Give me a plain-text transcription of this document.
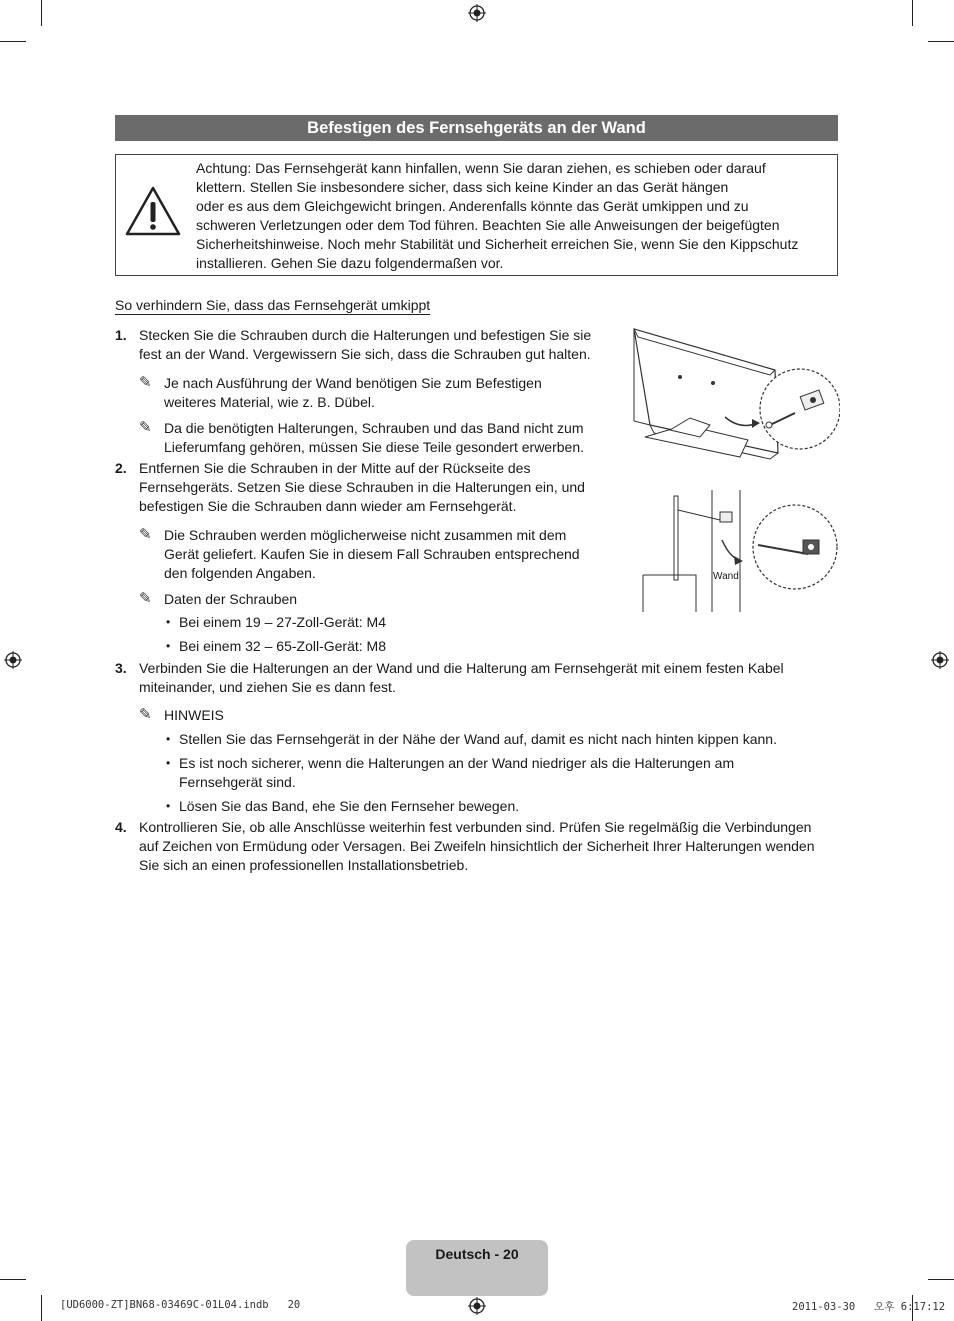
Befestigen des Fernsehgeräts an der Wand
Achtung: Das Fernsehgerät kann hinfallen, wenn Sie daran ziehen, es schieben oder darauf
klettern. Stellen Sie insbesondere sicher, dass sich keine Kinder an das Gerät hängen
oder es aus dem Gleichgewicht bringen. Anderenfalls könnte das Gerät umkippen und zu
schweren Verletzungen oder dem Tod führen. Beachten Sie alle Anweisungen der beigefügten
Sicherheitshinweise. Noch mehr Stabilität und Sicherheit erreichen Sie, wenn Sie den Kippschutz
installieren. Gehen Sie dazu folgendermaßen vor.
So verhindern Sie, dass das Fernsehgerät umkippt
1. Stecken Sie die Schrauben durch die Halterungen und befestigen Sie sie
fest an der Wand. Vergewissern Sie sich, dass die Schrauben gut halten.
✎ Je nach Ausführung der Wand benötigen Sie zum Befestigen
weiteres Material, wie z. B. Dübel.
✎ Da die benötigten Halterungen, Schrauben und das Band nicht zum
Lieferumfang gehören, müssen Sie diese Teile gesondert erwerben.
2. Entfernen Sie die Schrauben in der Mitte auf der Rückseite des
Fernsehgeräts. Setzen Sie diese Schrauben in die Halterungen ein, und
befestigen Sie die Schrauben dann wieder am Fernsehgerät.
✎ Die Schrauben werden möglicherweise nicht zusammen mit dem
Gerät geliefert. Kaufen Sie in diesem Fall Schrauben entsprechend
den folgenden Angaben.
✎ Daten der Schrauben
• Bei einem 19 – 27-Zoll-Gerät: M4
• Bei einem 32 – 65-Zoll-Gerät: M8
3. Verbinden Sie die Halterungen an der Wand und die Halterung am Fernsehgerät mit einem festen Kabel
miteinander, und ziehen Sie es dann fest.
✎ HINWEIS
• Stellen Sie das Fernsehgerät in der Nähe der Wand auf, damit es nicht nach hinten kippen kann.
• Es ist noch sicherer, wenn die Halterungen an der Wand niedriger als die Halterungen am
Fernsehgerät sind.
• Lösen Sie das Band, ehe Sie den Fernseher bewegen.
4. Kontrollieren Sie, ob alle Anschlüsse weiterhin fest verbunden sind. Prüfen Sie regelmäßig die Verbindungen
auf Zeichen von Ermüdung oder Versagen. Bei Zweifeln hinsichtlich der Sicherheit Ihrer Halterungen wenden
Sie sich an einen professionellen Installationsbetrieb.
Wand
Deutsch - 20
[UD6000-ZT]BN68-03469C-01L04.indb   20	2011-03-30   오후 6:17:12
